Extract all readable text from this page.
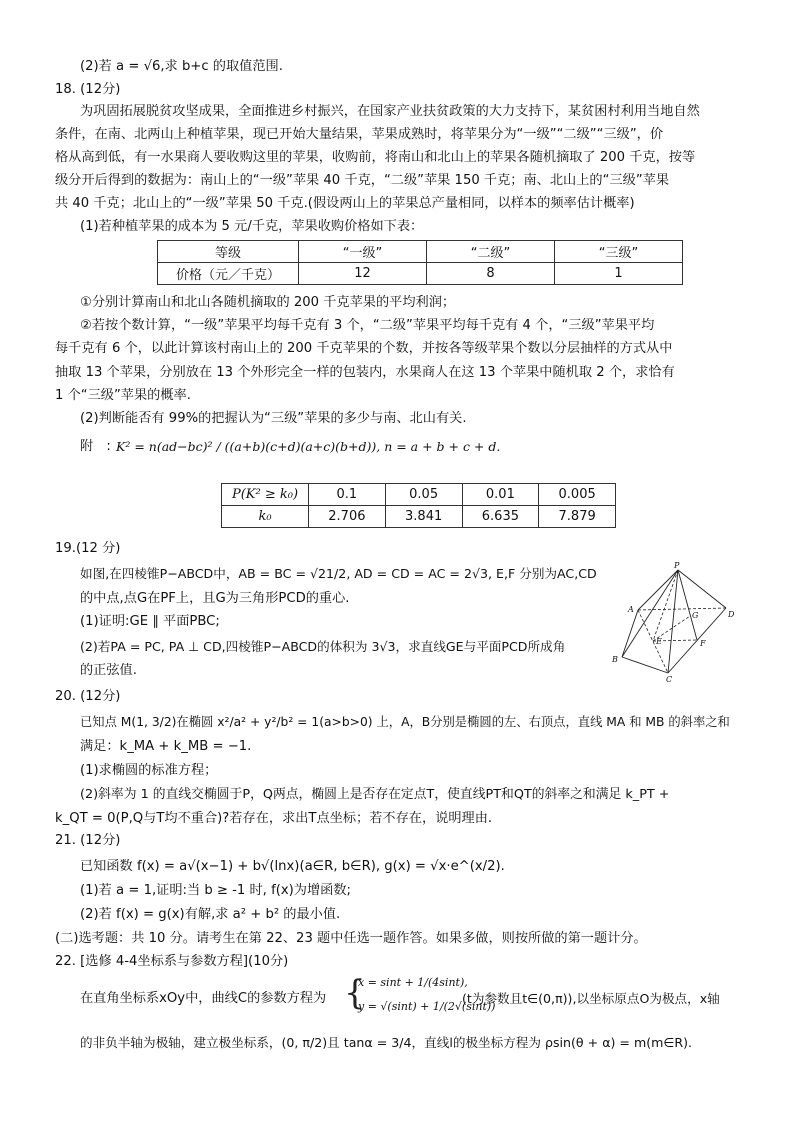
(2)若 a = √6,求 b+c 的取值范围.
18. (12分)
为巩固拓展脱贫攻坚成果，全面推进乡村振兴，在国家产业扶贫政策的大力支持下，某贫困村利用当地自然
条件，在南、北两山上种植苹果，现已开始大量结果，苹果成熟时，将苹果分为“一级”“二级”“三级”，价
格从高到低，有一水果商人要收购这里的苹果，收购前，将南山和北山上的苹果各随机摘取了 200 千克，按等
级分开后得到的数据为：南山上的“一级”苹果 40 千克，“二级”苹果 150 千克；南、北山上的“三级”苹果
共 40 千克；北山上的“一级”苹果 50 千克.(假设两山上的苹果总产量相同，以样本的频率估计概率)
(1)若种植苹果的成本为 5 元/千克，苹果收购价格如下表：
等级	“一级”	“二级”	“三级”
价格（元／千克）	12	8	1
①分别计算南山和北山各随机摘取的 200 千克苹果的平均利润；
②若按个数计算，“一级”苹果平均每千克有 3 个，“二级”苹果平均每千克有 4 个，“三级”苹果平均
每千克有 6 个，以此计算该村南山上的 200 千克苹果的个数，并按各等级苹果个数以分层抽样的方式从中
抽取 13 个苹果，分别放在 13 个外形完全一样的包装内，水果商人在这 13 个苹果中随机取 2 个，求恰有
1 个“三级”苹果的概率.
(2)判断能否有 99%的把握认为“三级”苹果的多少与南、北山有关.
附　: K² = n(ad−bc)² / ((a+b)(c+d)(a+c)(b+d)), n = a + b + c + d.
P(K² ≥ k₀)	0.1	0.05	0.01	0.005
k₀	2.706	3.841	6.635	7.879
19.(12 分)
如图,在四棱锥P−ABCD中，AB = BC = √21/2, AD = CD = AC = 2√3, E,F 分别为AC,CD
的中点,点G在PF上，且G为三角形PCD的重心.
(1)证明:GE ∥ 平面PBC;
(2)若PA = PC, PA ⊥ CD,四棱锥P−ABCD的体积为 3√3，求直线GE与平面PCD所成角
的正弦值.
P
A
D
G
E	F
B
C
20. (12分)
已知点 M(1, 3/2)在椭圆 x²/a² + y²/b² = 1(a>b>0) 上，A，B分别是椭圆的左、右顶点，直线 MA 和 MB 的斜率之和
满足：k_MA + k_MB = −1.
(1)求椭圆的标准方程；
(2)斜率为 1 的直线交椭圆于P，Q两点，椭圆上是否存在定点T，使直线PT和QT的斜率之和满足 k_PT +
k_QT = 0(P,Q与T均不重合)?若存在，求出T点坐标；若不存在，说明理由.
21. (12分)
已知函数 f(x) = a√(x−1) + b√(lnx)(a∈R, b∈R), g(x) = √x·e^(x/2).
(1)若 a = 1,证明:当 b ≥ -1 时, f(x)为增函数;
(2)若 f(x) = g(x)有解,求 a² + b² 的最小值.
(二)选考题：共 10 分。请考生在第 22、23 题中任选一题作答。如果多做，则按所做的第一题计分。
22. [选修 4-4坐标系与参数方程](10分)
在直角坐标系xOy中，曲线C的参数方程为 {
x = sint + 1/(4sint),
y = √(sint) + 1/(2√(sint))
(t为参数且t∈(0,π)),以坐标原点O为极点，x轴
的非负半轴为极轴，建立极坐标系，(0, π/2)且 tanα = 3/4，直线l的极坐标方程为 ρsin(θ + α) = m(m∈R).
